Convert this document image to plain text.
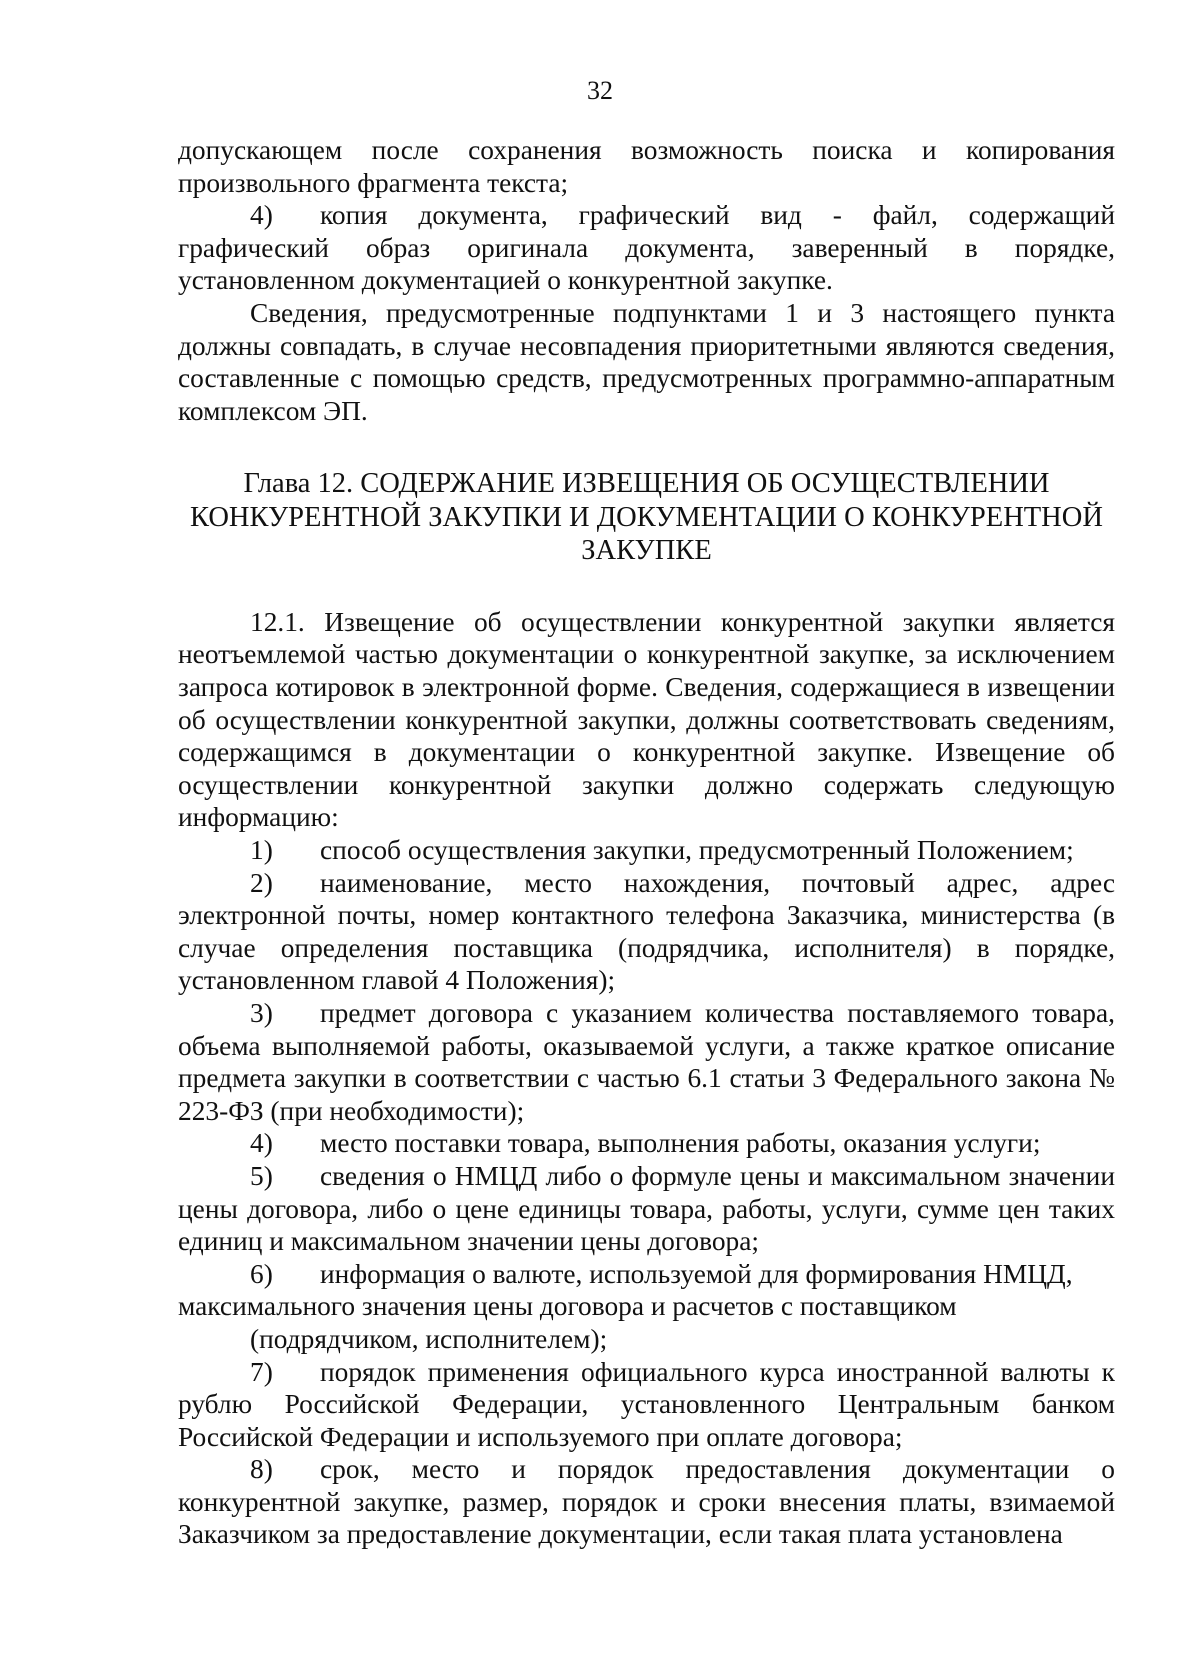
32

допускающем после сохранения возможность поиска и копирования произвольного фрагмента текста;

4) копия документа, графический вид - файл, содержащий графический образ оригинала документа, заверенный в порядке, установленном документацией о конкурентной закупке.

Сведения, предусмотренные подпунктами 1 и 3 настоящего пункта должны совпадать, в случае несовпадения приоритетными являются сведения, составленные с помощью средств, предусмотренных программно-аппаратным комплексом ЭП.

Глава 12. СОДЕРЖАНИЕ ИЗВЕЩЕНИЯ ОБ ОСУЩЕСТВЛЕНИИ
КОНКУРЕНТНОЙ ЗАКУПКИ И ДОКУМЕНТАЦИИ О КОНКУРЕНТНОЙ
ЗАКУПКЕ

12.1. Извещение об осуществлении конкурентной закупки является неотъемлемой частью документации о конкурентной закупке, за исключением запроса котировок в электронной форме. Сведения, содержащиеся в извещении об осуществлении конкурентной закупки, должны соответствовать сведениям, содержащимся в документации о конкурентной закупке. Извещение об осуществлении конкурентной закупки должно содержать следующую информацию:

1) способ осуществления закупки, предусмотренный Положением;

2) наименование, место нахождения, почтовый адрес, адрес электронной почты, номер контактного телефона Заказчика, министерства (в случае определения поставщика (подрядчика, исполнителя) в порядке, установленном главой 4 Положения);

3) предмет договора с указанием количества поставляемого товара, объема выполняемой работы, оказываемой услуги, а также краткое описание предмета закупки в соответствии с частью 6.1 статьи 3 Федерального закона № 223-ФЗ (при необходимости);

4) место поставки товара, выполнения работы, оказания услуги;

5) сведения о НМЦД либо о формуле цены и максимальном значении цены договора, либо о цене единицы товара, работы, услуги, сумме цен таких единиц и максимальном значении цены договора;

6) информация о валюте, используемой для формирования НМЦД, максимального значения цены договора и расчетов с поставщиком

(подрядчиком, исполнителем);

7) порядок применения официального курса иностранной валюты к рублю Российской Федерации, установленного Центральным банком Российской Федерации и используемого при оплате договора;

8) срок, место и порядок предоставления документации о конкурентной закупке, размер, порядок и сроки внесения платы, взимаемой Заказчиком за предоставление документации, если такая плата установлена
